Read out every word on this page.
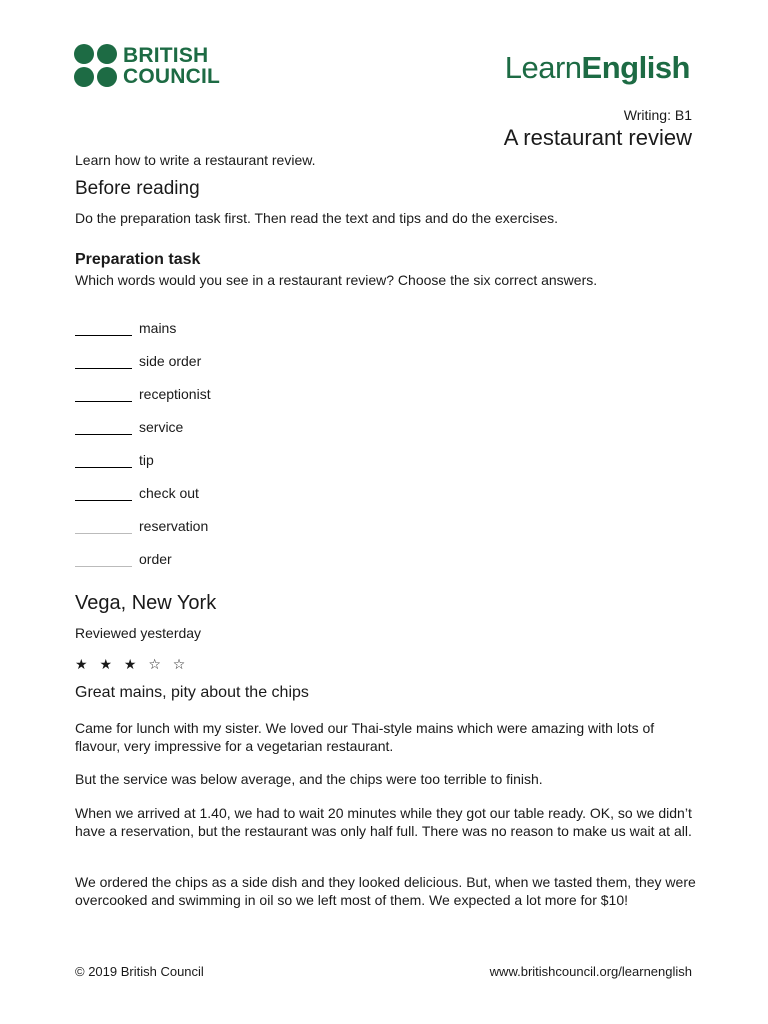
BRITISH
COUNCIL	LearnEnglish
Writing: B1
A restaurant review
Learn how to write a restaurant review.
Before reading
Do the preparation task first. Then read the text and tips and do the exercises.
Preparation task
Which words would you see in a restaurant review? Choose the six correct answers.
mains
side order
receptionist
service
tip
check out
reservation
order
Vega, New York
Reviewed yesterday
★ ★ ★ ☆ ☆
Great mains, pity about the chips
Came for lunch with my sister. We loved our Thai-style mains which were amazing with lots of flavour, very impressive for a vegetarian restaurant.
But the service was below average, and the chips were too terrible to finish.
When we arrived at 1.40, we had to wait 20 minutes while they got our table ready. OK, so we didn’t have a reservation, but the restaurant was only half full. There was no reason to make us wait at all.
We ordered the chips as a side dish and they looked delicious. But, when we tasted them, they were overcooked and swimming in oil so we left most of them. We expected a lot more for $10!
© 2019 British Council	www.britishcouncil.org/learnenglish
